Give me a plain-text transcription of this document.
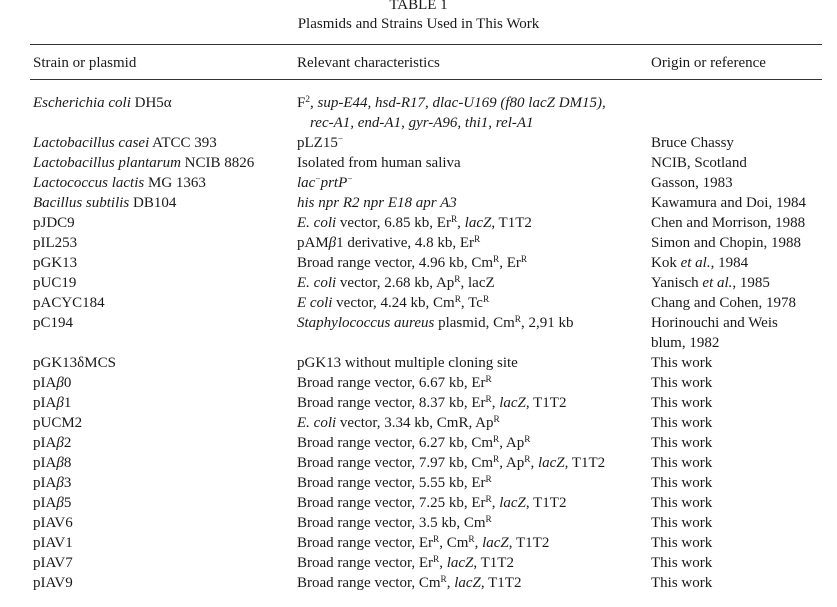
TABLE 1
Plasmids and Strains Used in This Work
Strain or plasmid	Relevant characteristics	Origin or reference
Escherichia coli DH5α	$F^2$, sup-E44, hsd-R17, dlac-U169 (f80 lacZ DM15),
rec-A1, end-A1, gyr-A96, thi1, rel-A1
Lactobacillus casei ATCC 393	pLZ15−	Bruce Chassy
Lactobacillus plantarum NCIB 8826	Isolated from human saliva	NCIB, Scotland
Lactococcus lactis MG 1363	lac−prtP−	Gasson, 1983
Bacillus subtilis DB104	his npr R2 npr E18 apr A3	Kawamura and Doi, 1984
pJDC9	E. coli vector, 6.85 kb, $Er^R$, lacZ, T1T2	Chen and Morrison, 1988
pIL253	pAMβ1 derivative, 4.8 kb, $Er^R$	Simon and Chopin, 1988
pGK13	Broad range vector, 4.96 kb, $Cm^R$, $Er^R$	Kok et al., 1984
pUC19	E. coli vector, 2.68 kb, $Ap^R$, lacZ	Yanisch et al., 1985
pACYC184	E coli vector, 4.24 kb, $Cm^R$, $Tc^R$	Chang and Cohen, 1978
pC194	Staphylococcus aureus plasmid, $Cm^R$, 2,91 kb	Horinouchi and Weis
blum, 1982
pGK13δMCS	pGK13 without multiple cloning site	This work
pIAβ0	Broad range vector, 6.67 kb, $Er^R$	This work
pIAβ1	Broad range vector, 8.37 kb, $Er^R$, lacZ, T1T2	This work
pUCM2	E. coli vector, 3.34 kb, CmR, $Ap^R$	This work
pIAβ2	Broad range vector, 6.27 kb, $Cm^R$, $Ap^R$	This work
pIAβ8	Broad range vector, 7.97 kb, $Cm^R$, $Ap^R$, lacZ, T1T2	This work
pIAβ3	Broad range vector, 5.55 kb, $Er^R$	This work
pIAβ5	Broad range vector, 7.25 kb, $Er^R$, lacZ, T1T2	This work
pIAV6	Broad range vector, 3.5 kb, $Cm^R$	This work
pIAV1	Broad range vector, $Er^R$, $Cm^R$, lacZ, T1T2	This work
pIAV7	Broad range vector, $Er^R$, lacZ, T1T2	This work
pIAV9	Broad range vector, $Cm^R$, lacZ, T1T2	This work
